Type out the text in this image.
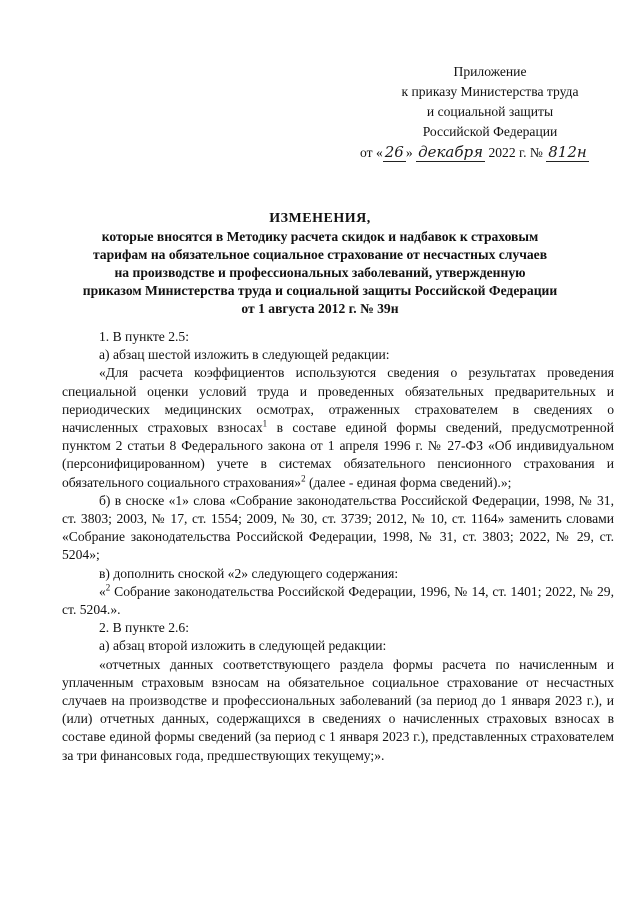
Приложение
к приказу Министерства труда
и социальной защиты
Российской Федерации
от « 26 » декабря 2022 г. № 812н
ИЗМЕНЕНИЯ,
которые вносятся в Методику расчета скидок и надбавок к страховым
тарифам на обязательное социальное страхование от несчастных случаев
на производстве и профессиональных заболеваний, утвержденную
приказом Министерства труда и социальной защиты Российской Федерации
от 1 августа 2012 г. № 39н

1. В пункте 2.5:

а) абзац шестой изложить в следующей редакции:

«Для расчета коэффициентов используются сведения о результатах проведения специальной оценки условий труда и проведенных обязательных предварительных и периодических медицинских осмотрах, отраженных страхователем в сведениях о начисленных страховых взносах$^1$ в составе единой формы сведений, предусмотренной пунктом 2 статьи 8 Федерального закона от 1 апреля 1996 г. № 27-ФЗ «Об индивидуальном (персонифицированном) учете в системах обязательного пенсионного страхования и обязательного социального страхования»$^2$ (далее - единая форма сведений).»;

б) в сноске «1» слова «Собрание законодательства Российской Федерации, 1998, № 31, ст. 3803; 2003, № 17, ст. 1554; 2009, № 30, ст. 3739; 2012, № 10, ст. 1164» заменить словами «Собрание законодательства Российской Федерации, 1998, № 31, ст. 3803; 2022, № 29, ст. 5204»;

в) дополнить сноской «2» следующего содержания:

«$^2$ Собрание законодательства Российской Федерации, 1996, № 14, ст. 1401; 2022, № 29, ст. 5204.».

2. В пункте 2.6:

а) абзац второй изложить в следующей редакции:

«отчетных данных соответствующего раздела формы расчета по начисленным и уплаченным страховым взносам на обязательное социальное страхование от несчастных случаев на производстве и профессиональных заболеваний (за период до 1 января 2023 г.), и (или) отчетных данных, содержащихся в сведениях о начисленных страховых взносах в составе единой формы сведений (за период с 1 января 2023 г.), представленных страхователем за три финансовых года, предшествующих текущему;».
